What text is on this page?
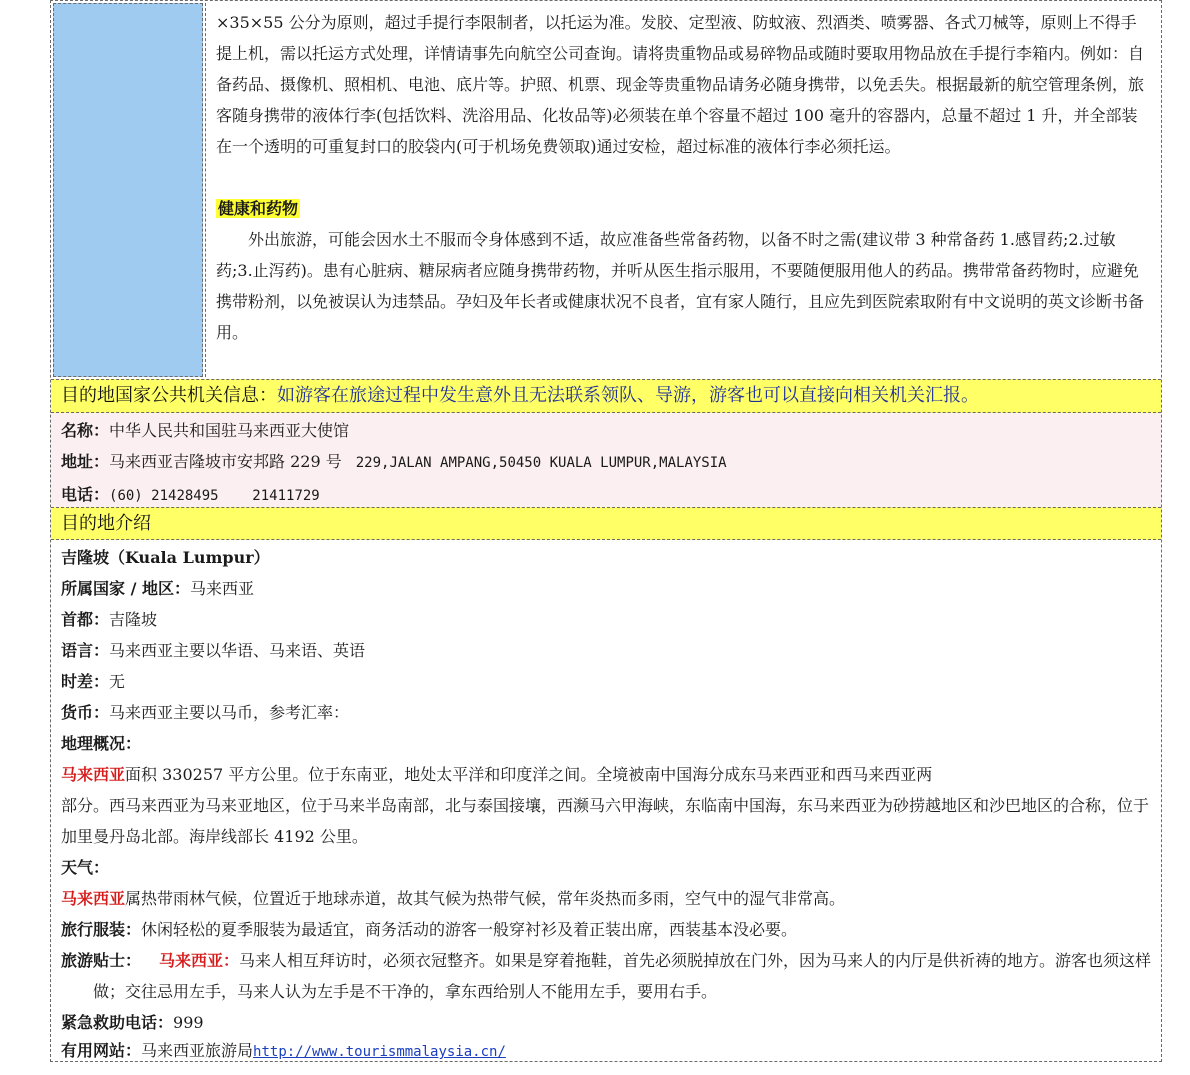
×35×55 公分为原则，超过手提行李限制者，以托运为准。发胶、定型液、防蚊液、烈酒类、喷雾器、各式刀械等，原则上不得手提上机，需以托运方式处理，详情请事先向航空公司查询。请将贵重物品或易碎物品或随时要取用物品放在手提行李箱内。例如：自备药品、摄像机、照相机、电池、底片等。护照、机票、现金等贵重物品请务必随身携带，以免丢失。根据最新的航空管理条例，旅客随身携带的液体行李(包括饮料、洗浴用品、化妆品等)必须装在单个容量不超过 100 毫升的容器内，总量不超过 1 升，并全部装在一个透明的可重复封口的胶袋内(可于机场免费领取)通过安检，超过标准的液体行李必须托运。

健康和药物

外出旅游，可能会因水土不服而令身体感到不适，故应准备些常备药物，以备不时之需(建议带 3 种常备药 1.感冒药;2.过敏药;3.止泻药)。患有心脏病、糖尿病者应随身携带药物，并听从医生指示服用，不要随便服用他人的药品。携带常备药物时，应避免携带粉剂，以免被误认为违禁品。孕妇及年长者或健康状况不良者，宜有家人随行，且应先到医院索取附有中文说明的英文诊断书备用。

目的地国家公共机关信息：如游客在旅途过程中发生意外且无法联系领队、导游，游客也可以直接向相关机关汇报。

名称：中华人民共和国驻马来西亚大使馆

地址：马来西亚吉隆坡市安邦路 229 号 229,JALAN AMPANG,50450 KUALA LUMPUR,MALAYSIA

电话：(60) 21428495    21411729

目的地介绍

吉隆坡（Kuala Lumpur）

所属国家 / 地区：马来西亚

首都：吉隆坡

语言：马来西亚主要以华语、马来语、英语

时差：无

货币：马来西亚主要以马币，参考汇率：

地理概况：

马来西亚面积 330257 平方公里。位于东南亚，地处太平洋和印度洋之间。全境被南中国海分成东马来西亚和西马来西亚两

部分。西马来西亚为马来亚地区，位于马来半岛南部，北与泰国接壤，西濒马六甲海峡，东临南中国海，东马来西亚为砂捞越地区和沙巴地区的合称，位于加里曼丹岛北部。海岸线部长 4192 公里。

天气：

马来西亚属热带雨林气候，位置近于地球赤道，故其气候为热带气候，常年炎热而多雨，空气中的湿气非常高。

旅行服装：休闲轻松的夏季服装为最适宜，商务活动的游客一般穿衬衫及着正装出席，西装基本没必要。

旅游贴士： 马来西亚：马来人相互拜访时，必须衣冠整齐。如果是穿着拖鞋，首先必须脱掉放在门外，因为马来人的内厅是供祈祷的地方。游客也须这样做；交往忌用左手，马来人认为左手是不干净的，拿东西给别人不能用左手，要用右手。

紧急救助电话：999

有用网站：马来西亚旅游局http://www.tourismmalaysia.cn/
